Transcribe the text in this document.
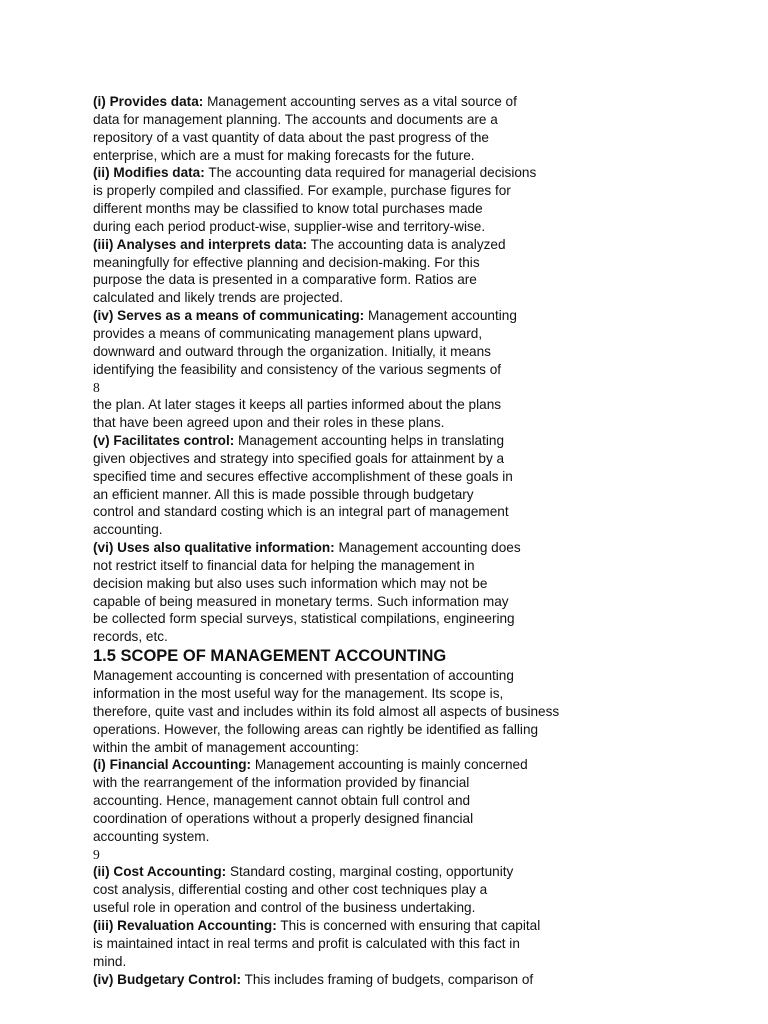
(i) Provides data: Management accounting serves as a vital source of
data for management planning. The accounts and documents are a
repository of a vast quantity of data about the past progress of the
enterprise, which are a must for making forecasts for the future.
(ii) Modifies data: The accounting data required for managerial decisions
is properly compiled and classified. For example, purchase figures for
different months may be classified to know total purchases made
during each period product-wise, supplier-wise and territory-wise.
(iii) Analyses and interprets data: The accounting data is analyzed
meaningfully for effective planning and decision-making. For this
purpose the data is presented in a comparative form. Ratios are
calculated and likely trends are projected.
(iv) Serves as a means of communicating: Management accounting
provides a means of communicating management plans upward,
downward and outward through the organization. Initially, it means
identifying the feasibility and consistency of the various segments of
8
the plan. At later stages it keeps all parties informed about the plans
that have been agreed upon and their roles in these plans.
(v) Facilitates control: Management accounting helps in translating
given objectives and strategy into specified goals for attainment by a
specified time and secures effective accomplishment of these goals in
an efficient manner. All this is made possible through budgetary
control and standard costing which is an integral part of management
accounting.
(vi) Uses also qualitative information: Management accounting does
not restrict itself to financial data for helping the management in
decision making but also uses such information which may not be
capable of being measured in monetary terms. Such information may
be collected form special surveys, statistical compilations, engineering
records, etc.
1.5 SCOPE OF MANAGEMENT ACCOUNTING
Management accounting is concerned with presentation of accounting
information in the most useful way for the management. Its scope is,
therefore, quite vast and includes within its fold almost all aspects of business
operations. However, the following areas can rightly be identified as falling
within the ambit of management accounting:
(i) Financial Accounting: Management accounting is mainly concerned
with the rearrangement of the information provided by financial
accounting. Hence, management cannot obtain full control and
coordination of operations without a properly designed financial
accounting system.
9
(ii) Cost Accounting: Standard costing, marginal costing, opportunity
cost analysis, differential costing and other cost techniques play a
useful role in operation and control of the business undertaking.
(iii) Revaluation Accounting: This is concerned with ensuring that capital
is maintained intact in real terms and profit is calculated with this fact in
mind.
(iv) Budgetary Control: This includes framing of budgets, comparison of
